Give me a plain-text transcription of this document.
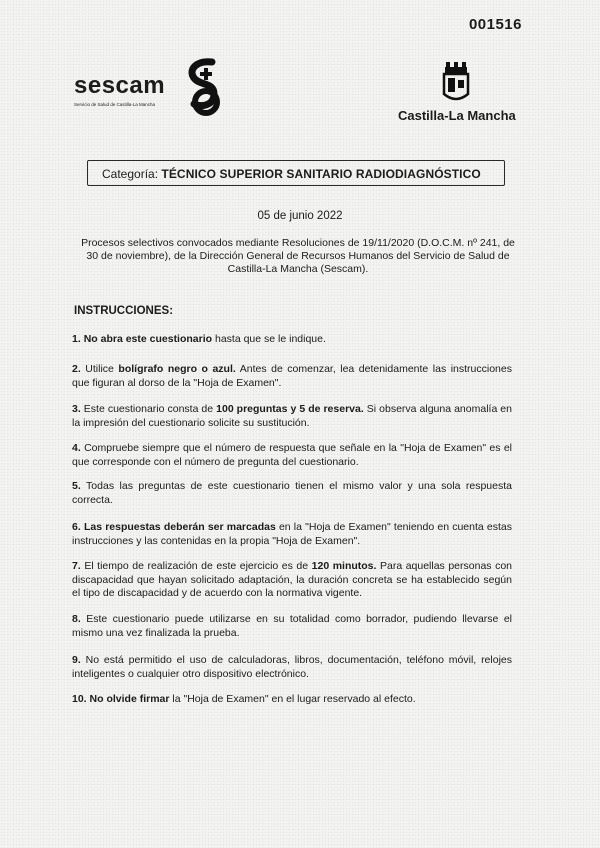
001516
sescam
Servicio de Salud de Castilla-La Mancha
Castilla-La Mancha
Categoría: TÉCNICO SUPERIOR SANITARIO RADIODIAGNÓSTICO
05 de junio 2022
Procesos selectivos convocados mediante Resoluciones de 19/11/2020 (D.O.C.M. nº 241, de 30 de noviembre), de la Dirección General de Recursos Humanos del Servicio de Salud de Castilla-La Mancha (Sescam).
INSTRUCCIONES:
1. No abra este cuestionario hasta que se le indique.
2. Utilice bolígrafo negro o azul. Antes de comenzar, lea detenidamente las instrucciones que figuran al dorso de la "Hoja de Examen".
3. Este cuestionario consta de 100 preguntas y 5 de reserva. Si observa alguna anomalía en la impresión del cuestionario solicite su sustitución.
4. Compruebe siempre que el número de respuesta que señale en la "Hoja de Examen" es el que corresponde con el número de pregunta del cuestionario.
5. Todas las preguntas de este cuestionario tienen el mismo valor y una sola respuesta correcta.
6. Las respuestas deberán ser marcadas en la "Hoja de Examen" teniendo en cuenta estas instrucciones y las contenidas en la propia "Hoja de Examen".
7. El tiempo de realización de este ejercicio es de 120 minutos. Para aquellas personas con discapacidad que hayan solicitado adaptación, la duración concreta se ha establecido según el tipo de discapacidad y de acuerdo con la normativa vigente.
8. Este cuestionario puede utilizarse en su totalidad como borrador, pudiendo llevarse el mismo una vez finalizada la prueba.
9. No está permitido el uso de calculadoras, libros, documentación, teléfono móvil, relojes inteligentes o cualquier otro dispositivo electrónico.
10. No olvide firmar la "Hoja de Examen" en el lugar reservado al efecto.
